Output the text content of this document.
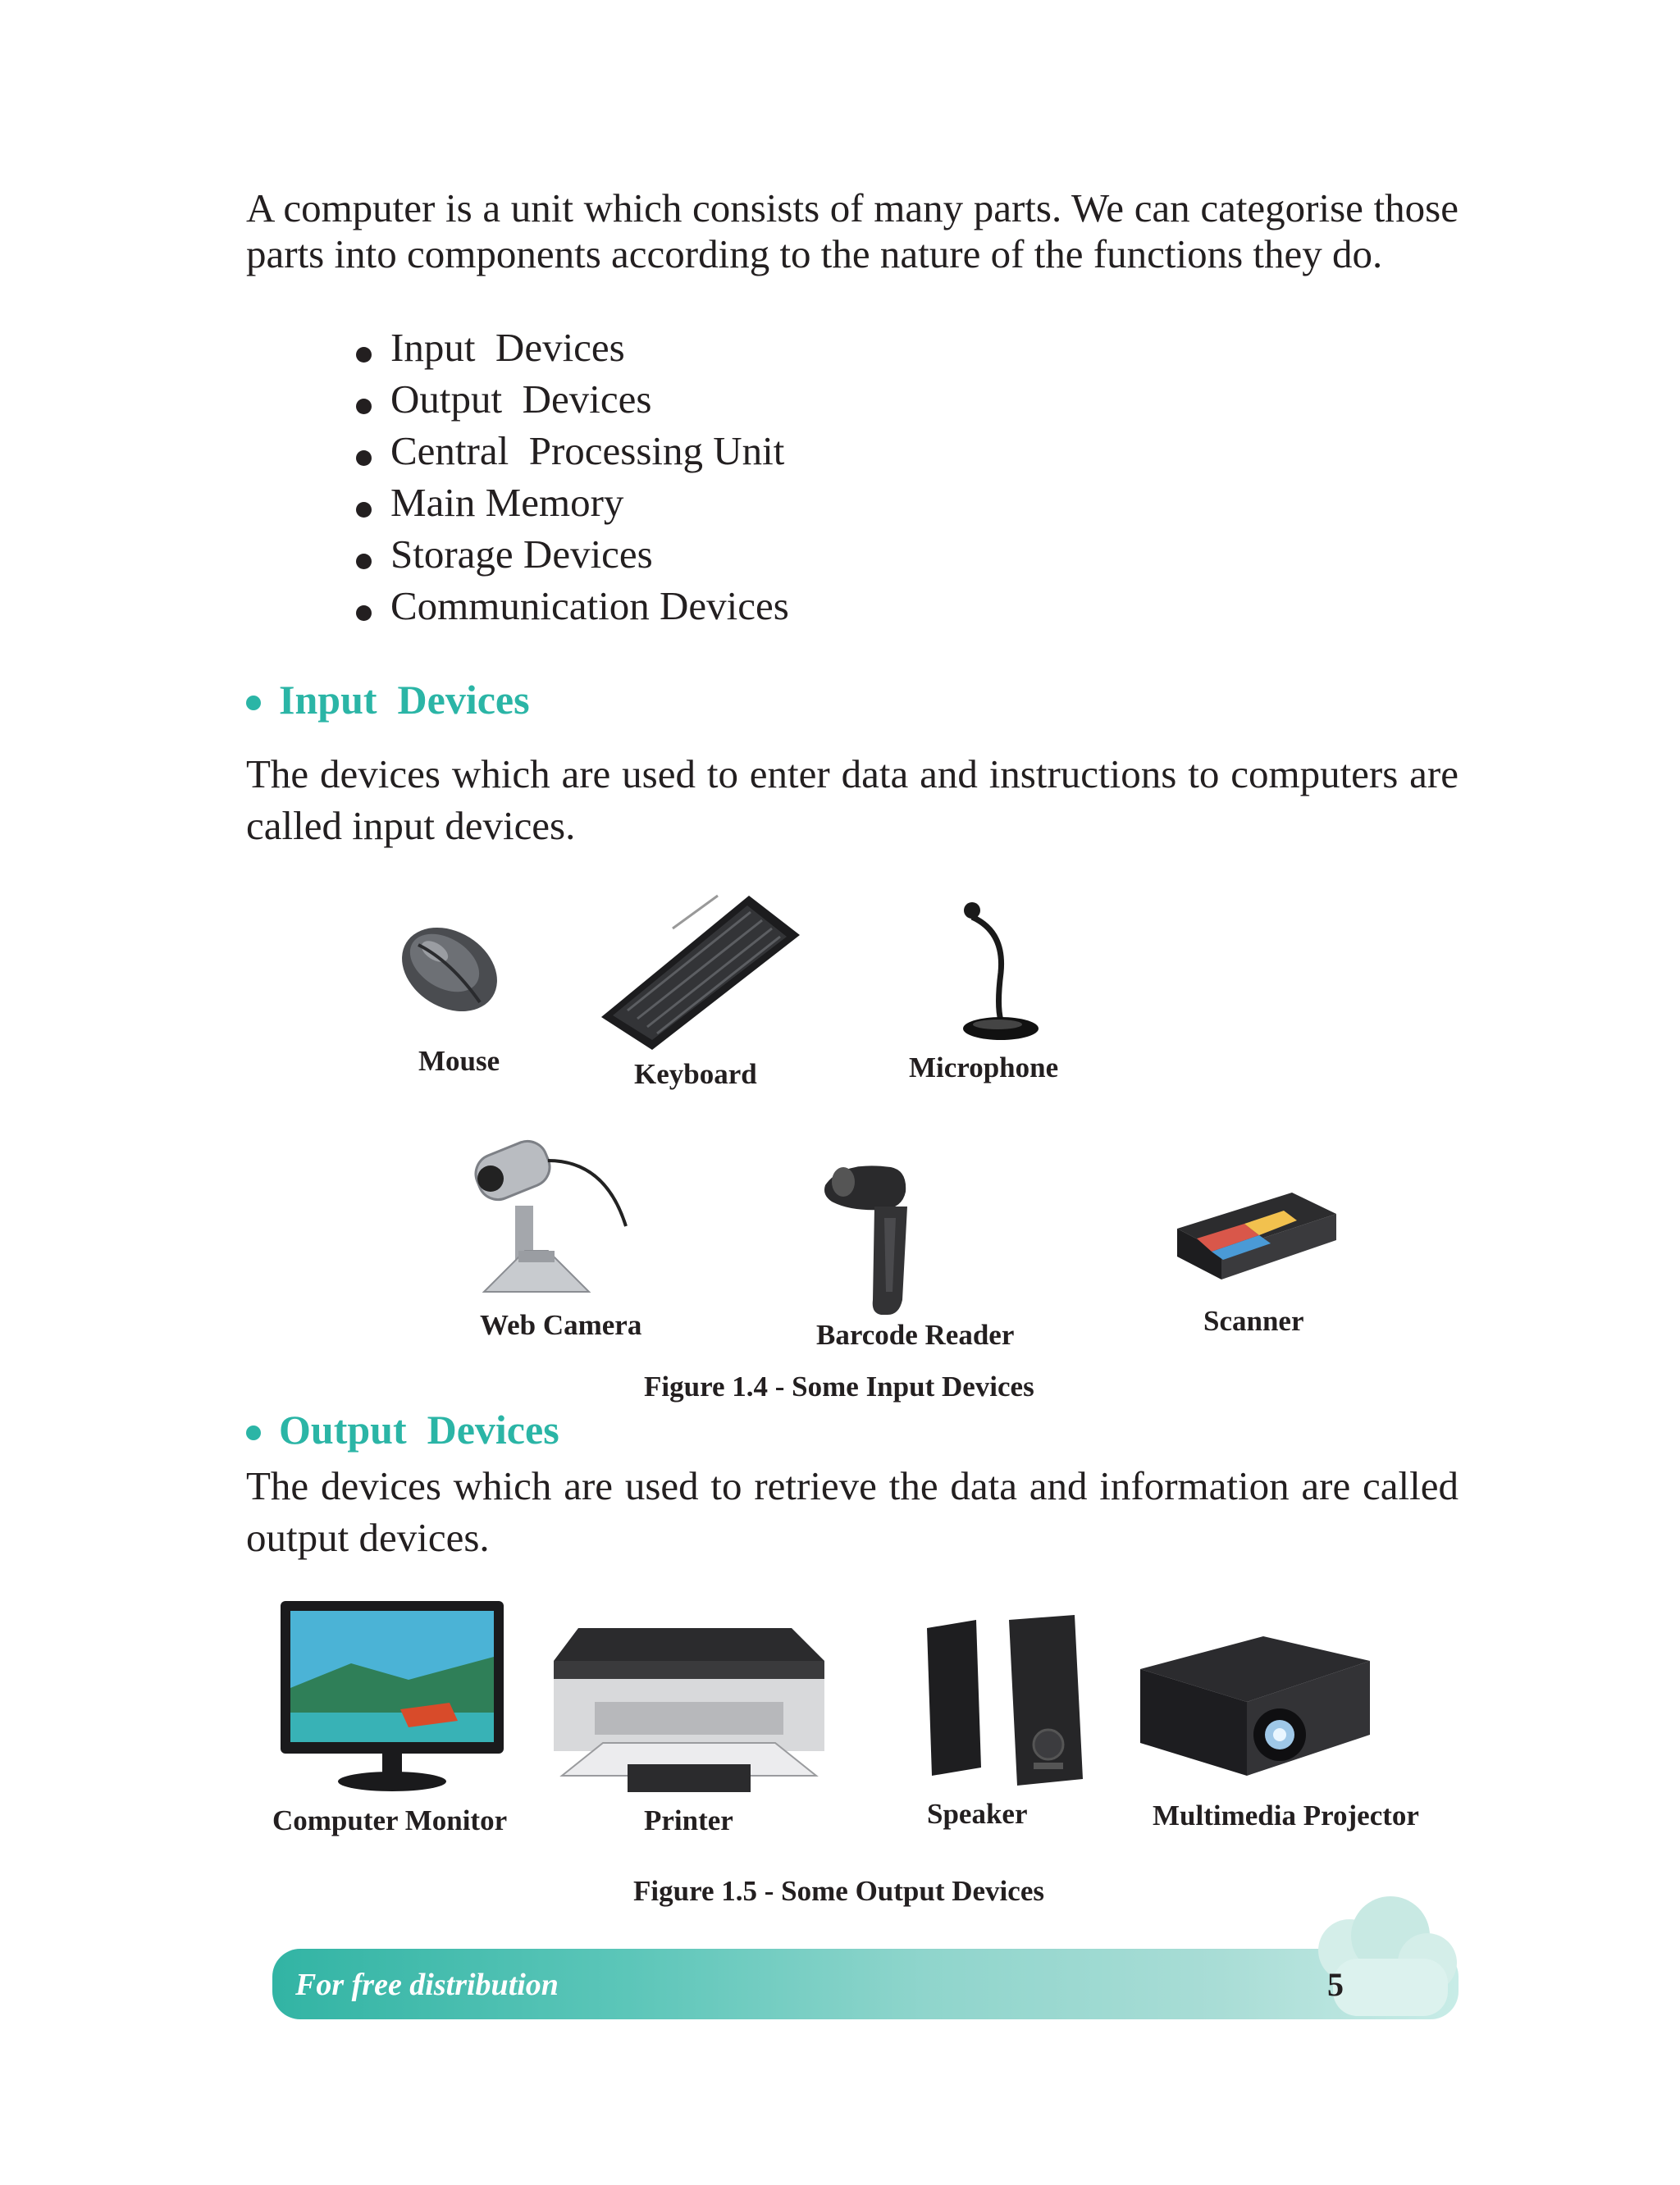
A computer is a unit which consists of many parts. We can categorise those parts into components according to the nature of the functions they do.

Input  Devices
Output  Devices
Central  Processing Unit
Main Memory
Storage Devices
Communication Devices
Input  Devices

The devices which are used to enter data and instructions to computers are called input devices.

Mouse	Keyboard	Microphone
Web Camera	Barcode Reader	Scanner
Figure 1.4 - Some Input Devices
Output  Devices

The devices which are used to retrieve the data and information are called output devices.

Computer Monitor	Printer	Speaker	Multimedia Projector
Figure 1.5 - Some Output Devices
For free distribution	5
